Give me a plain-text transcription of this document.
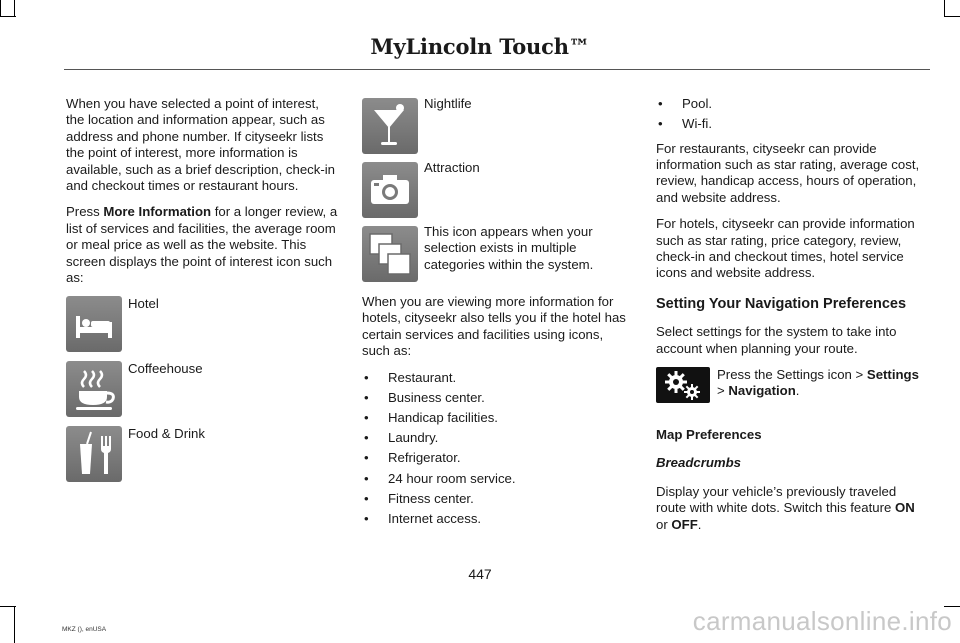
MyLincoln Touch™

When you have selected a point of interest, the location and information appear, such as address and phone number. If cityseekr lists the point of interest, more information is available, such as a brief description, check-in and checkout times or restaurant hours.

Press More Information for a longer review, a list of services and facilities, the average room or meal price as well as the website. This screen displays the point of interest icon such as:

Hotel
Coffeehouse
Food & Drink
Nightlife
Attraction
This icon appears when your selection exists in multiple categories within the system.

When you are viewing more information for hotels, cityseekr also tells you if the hotel has certain services and facilities using icons, such as:

• Restaurant.
• Business center.
• Handicap facilities.
• Laundry.
• Refrigerator.
• 24 hour room service.
• Fitness center.
• Internet access.
• Pool.
• Wi-fi.

For restaurants, cityseekr can provide information such as star rating, average cost, review, handicap access, hours of operation, and website address.

For hotels, cityseekr can provide information such as star rating, price category, review, check-in and checkout times, hotel service icons and website address.

Setting Your Navigation Preferences

Select settings for the system to take into account when planning your route.

Press the Settings icon > Settings > Navigation.
Map Preferences

Breadcrumbs

Display your vehicle’s previously traveled route with white dots. Switch this feature ON or OFF.

447
MKZ (), enUSA	carmanualsonline.info
